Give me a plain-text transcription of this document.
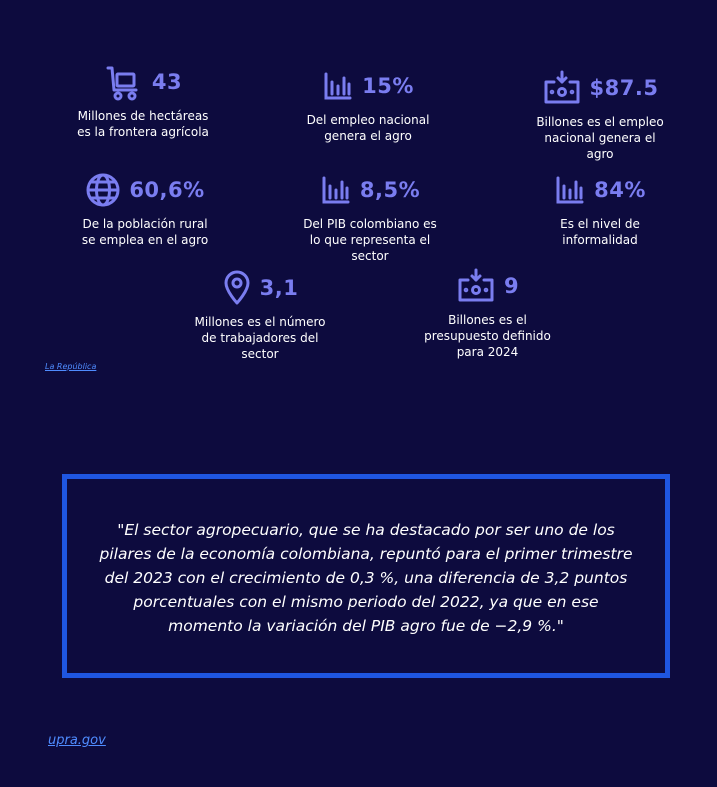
43
Millones de hectáreas
es la frontera agrícola
15%
Del empleo nacional
genera el agro
$87.5
Billones es el empleo
nacional genera el
agro
60,6%
De la población rural
se emplea en el agro
8,5%
Del PIB colombiano es
lo que representa el
sector
84%
Es el nivel de
informalidad
3,1
Millones es el número
de trabajadores del
sector
9
Billones es el
presupuesto definido
para 2024
La República
"El sector agropecuario, que se ha destacado por ser uno de los pilares de la economía colombiana, repuntó para el primer trimestre del 2023 con el crecimiento de 0,3 %, una diferencia de 3,2 puntos porcentuales con el mismo periodo del 2022, ya que en ese momento la variación del PIB agro fue de −2,9 %."
upra.gov
